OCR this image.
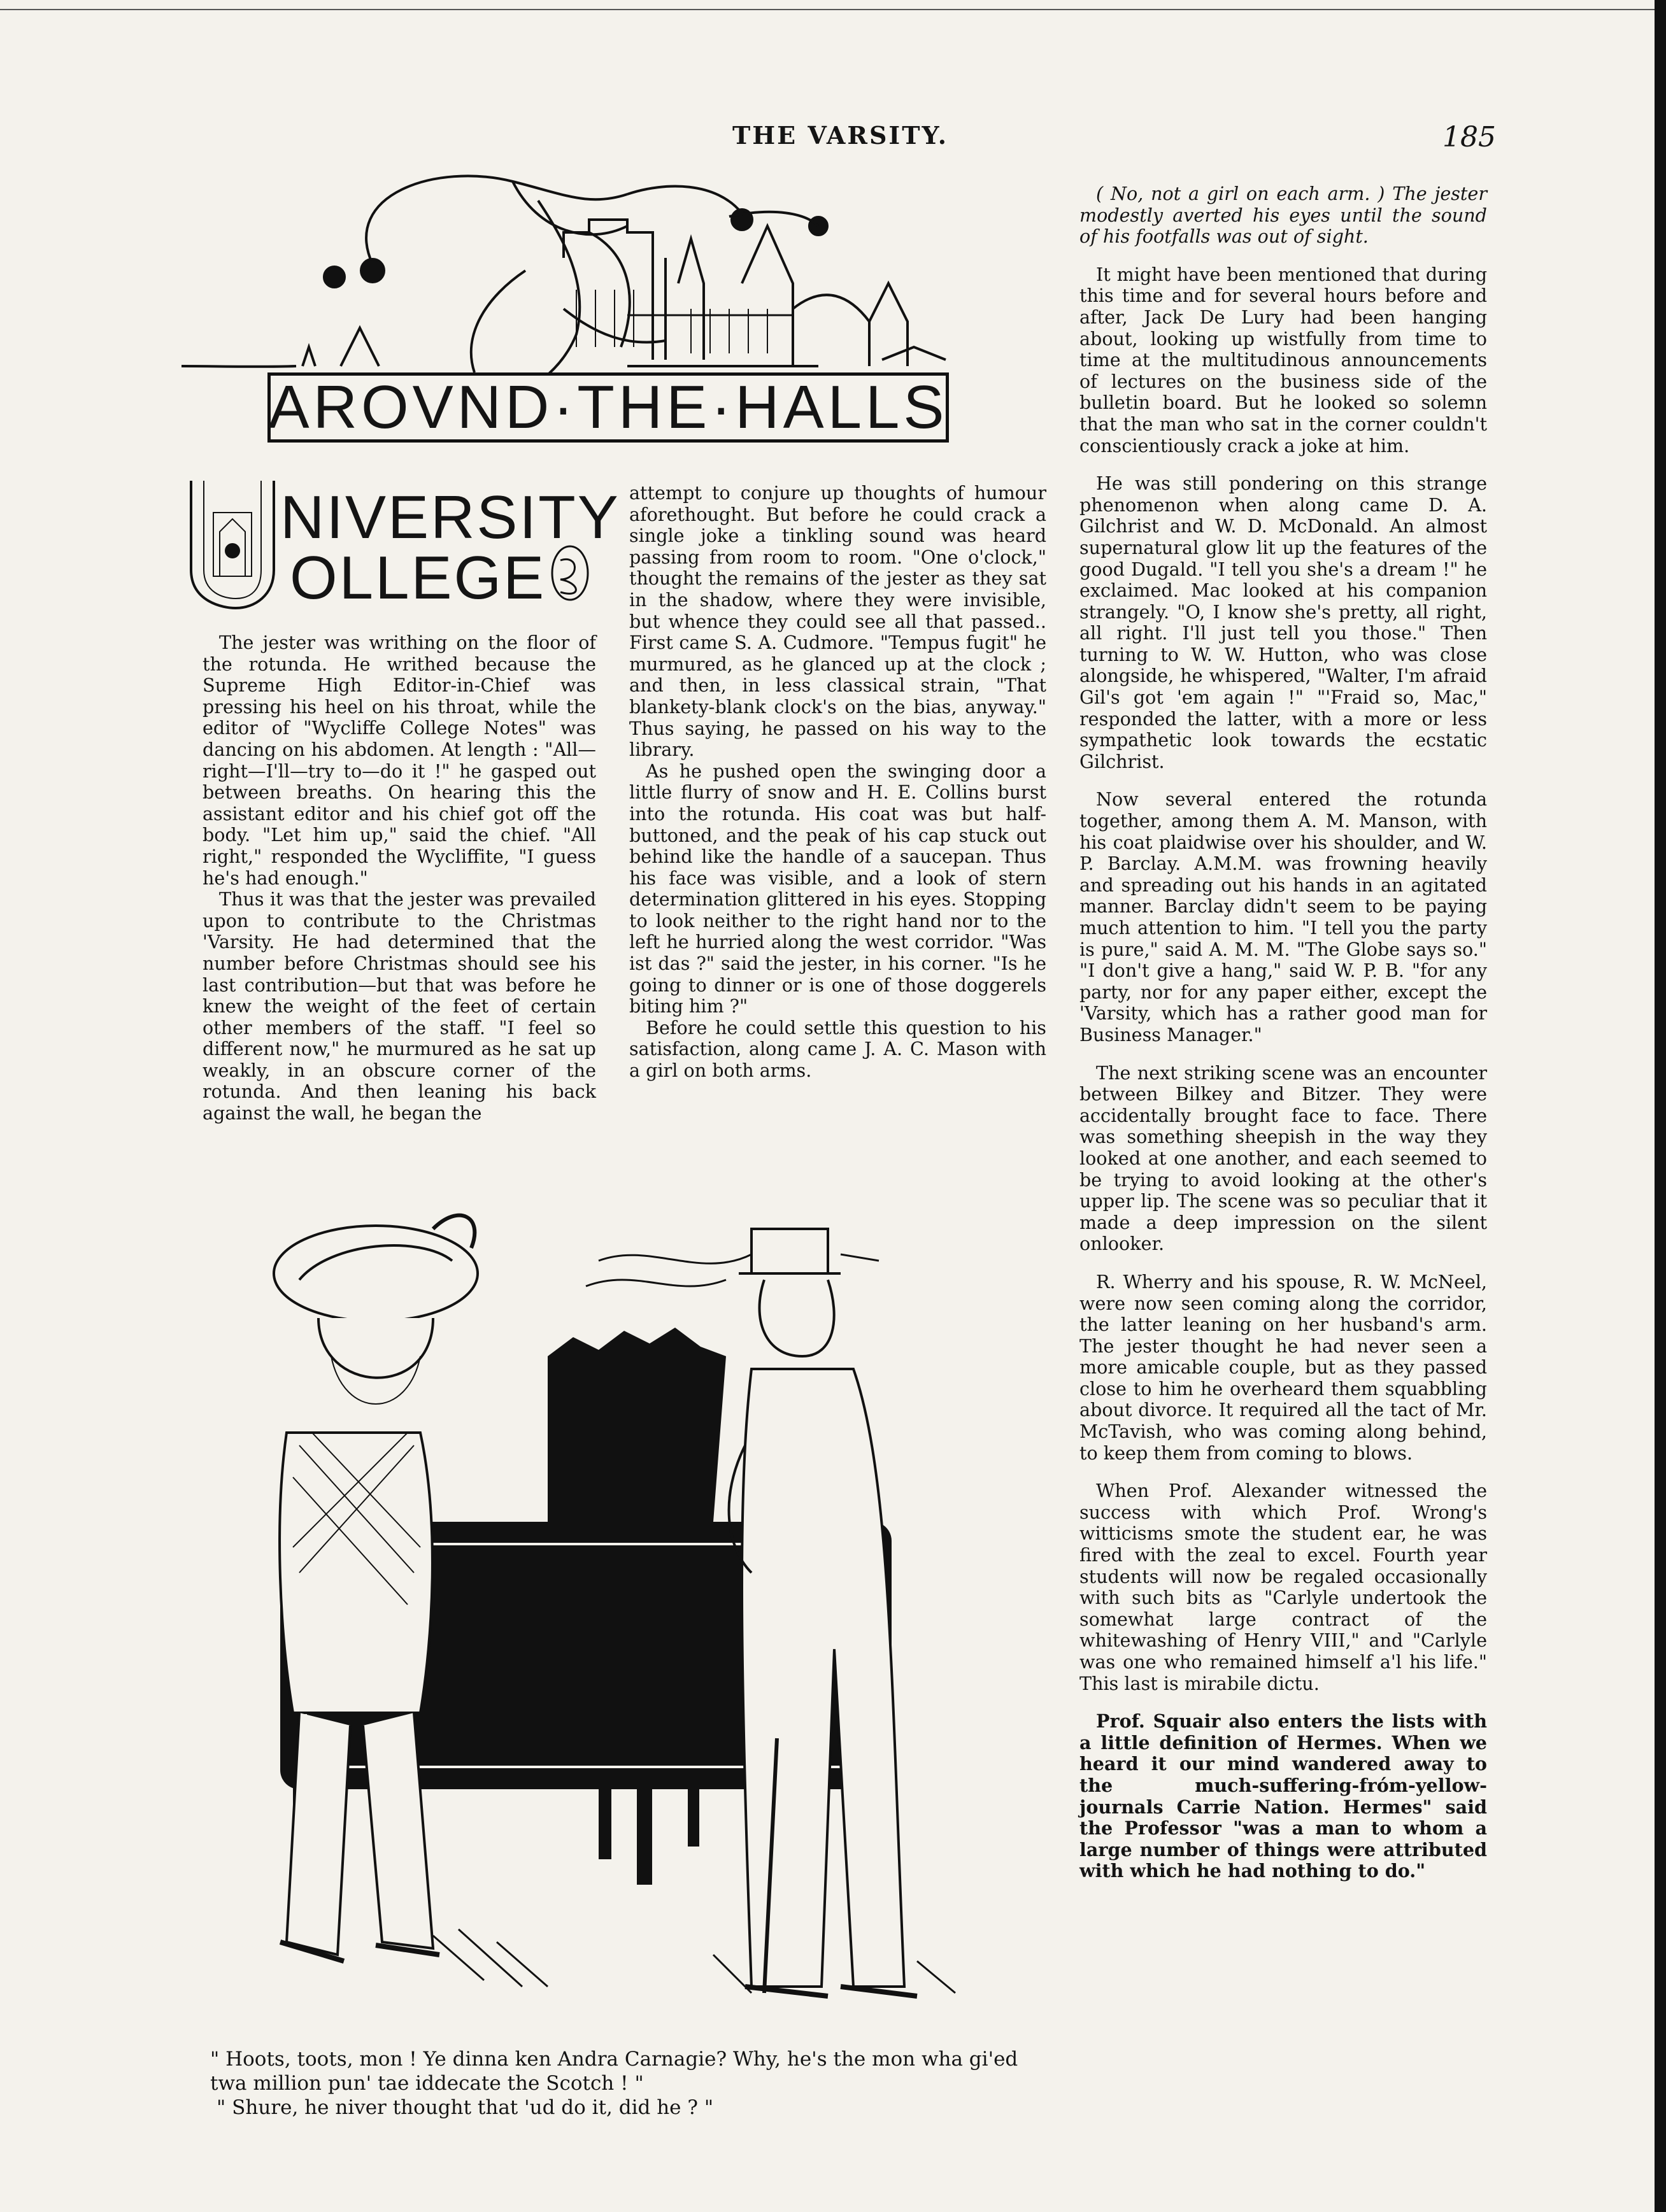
THE VARSITY.	185
AROVND·THE·HALLS
NIVERSITY
OLLEGE

The jester was writhing on the floor of the rotunda. He writhed because the Supreme High Editor-in-Chief was pressing his heel on his throat, while the editor of "Wycliffe College Notes" was dancing on his abdomen. At length : "All—right—I'll—try to—do it !" he gasped out between breaths. On hearing this the assistant editor and his chief got off the body. "Let him up," said the chief. "All right," responded the Wycliffite, "I guess he's had enough."

Thus it was that the jester was prevailed upon to contribute to the Christmas 'Varsity. He had determined that the number before Christmas should see his last contribution—but that was before he knew the weight of the feet of certain other members of the staff. "I feel so different now," he murmured as he sat up weakly, in an obscure corner of the rotunda. And then leaning his back against the wall, he began the

attempt to conjure up thoughts of humour aforethought. But before he could crack a single joke a tinkling sound was heard passing from room to room. "One o'clock," thought the remains of the jester as they sat in the shadow, where they were invisible, but whence they could see all that passed.. First came S. A. Cudmore. "Tempus fugit" he murmured, as he glanced up at the clock ; and then, in less classical strain, "That blankety-blank clock's on the bias, anyway." Thus saying, he passed on his way to the library.

As he pushed open the swinging door a little flurry of snow and H. E. Collins burst into the rotunda. His coat was but half-buttoned, and the peak of his cap stuck out behind like the handle of a saucepan. Thus his face was visible, and a look of stern determination glittered in his eyes. Stopping to look neither to the right hand nor to the left he hurried along the west corridor. "Was ist das ?" said the jester, in his corner. "Is he going to dinner or is one of those doggerels biting him ?"

Before he could settle this question to his satisfaction, along came J. A. C. Mason with a girl on both arms.

( No, not a girl on each arm. ) The jester modestly averted his eyes until the sound of his footfalls was out of sight.

It might have been mentioned that during this time and for several hours before and after, Jack De Lury had been hanging about, looking up wistfully from time to time at the multitudinous announcements of lectures on the business side of the bulletin board. But he looked so solemn that the man who sat in the corner couldn't conscientiously crack a joke at him.

He was still pondering on this strange phenomenon when along came D. A. Gilchrist and W. D. McDonald. An almost supernatural glow lit up the features of the good Dugald. "I tell you she's a dream !" he exclaimed. Mac looked at his companion strangely. "O, I know she's pretty, all right, all right. I'll just tell you those." Then turning to W. W. Hutton, who was close alongside, he whispered, "Walter, I'm afraid Gil's got 'em again !" "'Fraid so, Mac," responded the latter, with a more or less sympathetic look towards the ecstatic Gilchrist.

Now several entered the rotunda together, among them A. M. Manson, with his coat plaidwise over his shoulder, and W. P. Barclay. A.M.M. was frowning heavily and spreading out his hands in an agitated manner. Barclay didn't seem to be paying much attention to him. "I tell you the party is pure," said A. M. M. "The Globe says so." "I don't give a hang," said W. P. B. "for any party, nor for any paper either, except the 'Varsity, which has a rather good man for Business Manager."

The next striking scene was an encounter between Bilkey and Bitzer. They were accidentally brought face to face. There was something sheepish in the way they looked at one another, and each seemed to be trying to avoid looking at the other's upper lip. The scene was so peculiar that it made a deep impression on the silent onlooker.

R. Wherry and his spouse, R. W. McNeel, were now seen coming along the corridor, the latter leaning on her husband's arm. The jester thought he had never seen a more amicable couple, but as they passed close to him he overheard them squabbling about divorce. It required all the tact of Mr. McTavish, who was coming along behind, to keep them from coming to blows.

When Prof. Alexander witnessed the success with which Prof. Wrong's witticisms smote the student ear, he was fired with the zeal to excel. Fourth year students will now be regaled occasionally with such bits as "Carlyle undertook the somewhat large contract of the whitewashing of Henry VIII," and "Carlyle was one who remained himself a'l his life." This last is mirabile dictu.

Prof. Squair also enters the lists with a little definition of Hermes. When we heard it our mind wandered away to the much-suffering-fróm-yellow-journals Carrie Nation. Hermes" said the Professor "was a man to whom a large number of things were attributed with which he had nothing to do."

" Hoots, toots, mon ! Ye dinna ken Andra Carnagie? Why, he's the mon wha gi'ed twa million pun' tae iddecate the Scotch ! "

" Shure, he niver thought that 'ud do it, did he ? "
